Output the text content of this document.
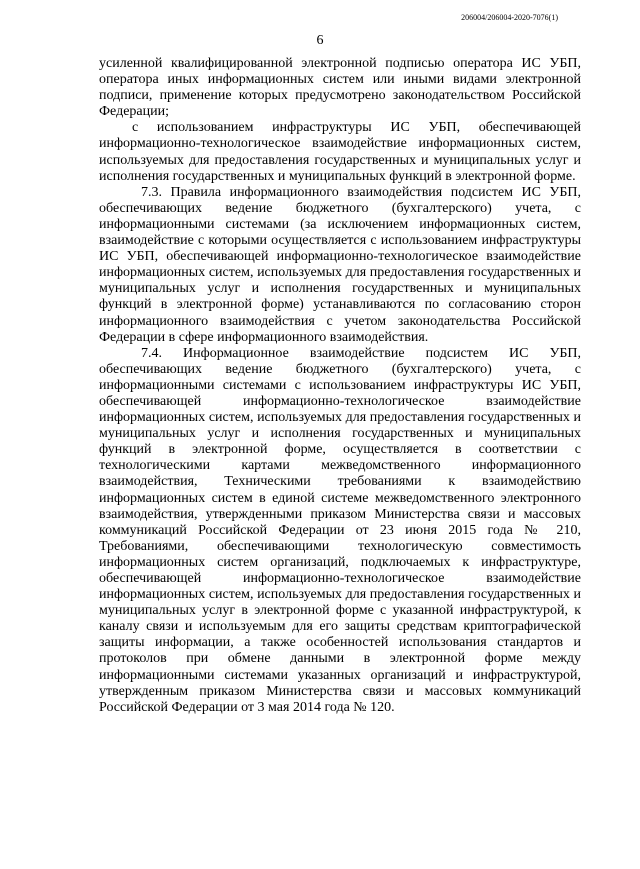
206004/206004-2020-7076(1)
6

усиленной квалифицированной электронной подписью оператора ИС УБП, оператора иных информационных систем или иными видами электронной подписи, применение которых предусмотрено законодательством Российской Федерации;

с использованием инфраструктуры ИС УБП, обеспечивающей информационно-технологическое взаимодействие информационных систем, используемых для предоставления государственных и муниципальных услуг и исполнения государственных и муниципальных функций в электронной форме.

7.3. Правила информационного взаимодействия подсистем ИС УБП, обеспечивающих ведение бюджетного (бухгалтерского) учета, с информационными системами (за исключением информационных систем, взаимодействие с которыми осуществляется с использованием инфраструктуры ИС УБП, обеспечивающей информационно-технологическое взаимодействие информационных систем, используемых для предоставления государственных и муниципальных услуг и исполнения государственных и муниципальных функций в электронной форме) устанавливаются по согласованию сторон информационного взаимодействия с учетом законодательства Российской Федерации в сфере информационного взаимодействия.

7.4. Информационное взаимодействие подсистем ИС УБП, обеспечивающих ведение бюджетного (бухгалтерского) учета, с информационными системами с использованием инфраструктуры ИС УБП, обеспечивающей информационно-технологическое взаимодействие информационных систем, используемых для предоставления государственных и муниципальных услуг и исполнения государственных и муниципальных функций в электронной форме, осуществляется в соответствии с технологическими картами межведомственного информационного взаимодействия, Техническими требованиями к взаимодействию информационных систем в единой системе межведомственного электронного взаимодействия, утвержденными приказом Министерства связи и массовых коммуникаций Российской Федерации от 23 июня 2015 года № 210, Требованиями, обеспечивающими технологическую совместимость информационных систем организаций, подключаемых к инфраструктуре, обеспечивающей информационно-технологическое взаимодействие информационных систем, используемых для предоставления государственных и муниципальных услуг в электронной форме с указанной инфраструктурой, к каналу связи и используемым для его защиты средствам криптографической защиты информации, а также особенностей использования стандартов и протоколов при обмене данными в электронной форме между информационными системами указанных организаций и инфраструктурой, утвержденным приказом Министерства связи и массовых коммуникаций Российской Федерации от 3 мая 2014 года № 120.
